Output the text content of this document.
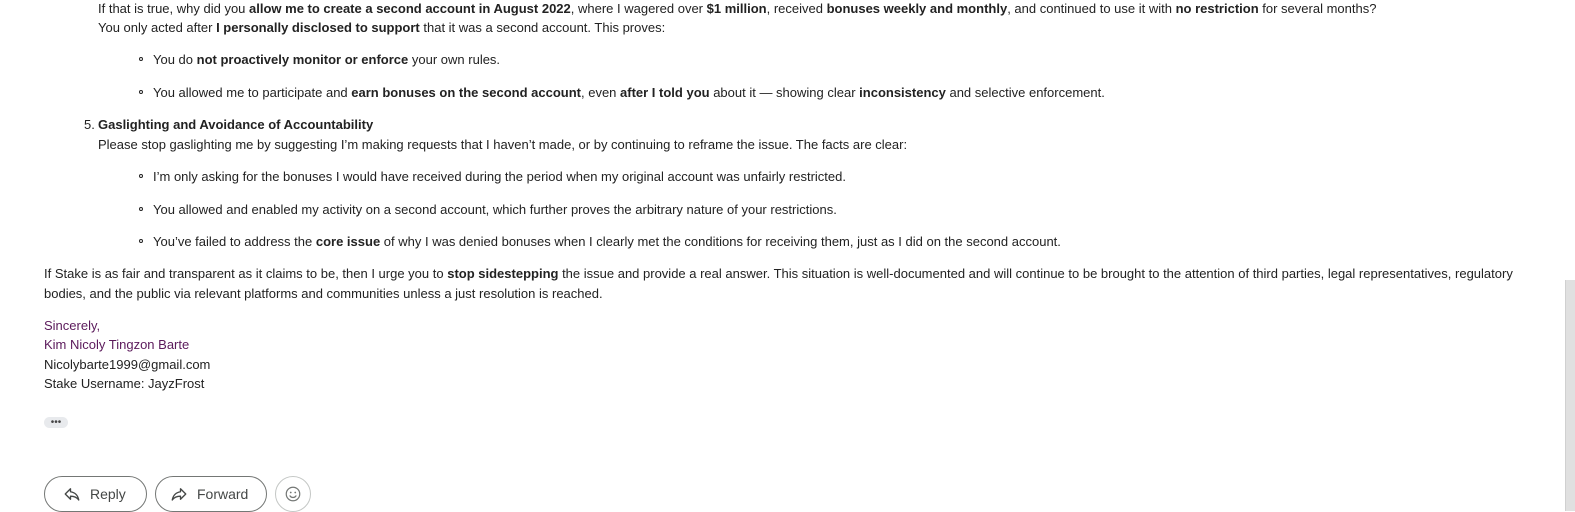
If that is true, why did you allow me to create a second account in August 2022, where I wagered over $1 million, received bonuses weekly and monthly, and continued to use it with no restriction for several months?
You only acted after I personally disclosed to support that it was a second account. This proves:
You do not proactively monitor or enforce your own rules.
You allowed me to participate and earn bonuses on the second account, even after I told you about it — showing clear inconsistency and selective enforcement.
5. Gaslighting and Avoidance of Accountability
Please stop gaslighting me by suggesting I’m making requests that I haven’t made, or by continuing to reframe the issue. The facts are clear:
I’m only asking for the bonuses I would have received during the period when my original account was unfairly restricted.
You allowed and enabled my activity on a second account, which further proves the arbitrary nature of your restrictions.
You’ve failed to address the core issue of why I was denied bonuses when I clearly met the conditions for receiving them, just as I did on the second account.
If Stake is as fair and transparent as it claims to be, then I urge you to stop sidestepping the issue and provide a real answer. This situation is well-documented and will continue to be brought to the attention of third parties, legal representatives, regulatory bodies, and the public via relevant platforms and communities unless a just resolution is reached.
Sincerely,
Kim Nicoly Tingzon Barte
Nicolybarte1999@gmail.com
Stake Username: JayzFrost
•••
Reply	Forward
